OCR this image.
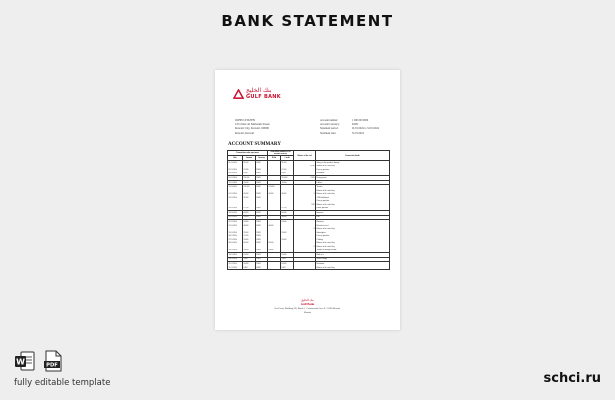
BANK STATEMENT
بنك الخليج
GULF BANK
JOHN CITIZEN
123 Jaber Al Mubarak Street,
Kuwait City, Kuwait, 00000
Kuwait, Kuwait
Account number:	1 000 000 0000
Account Currency:	KWD
Statement period:	01/01/2024 to 31/01/2024
Statement date:	31/01/2024
ACCOUNT SUMMARY
Transaction, value agreement			Transaction amount in the account currency		Balance at the end	Transaction details
Date	Amount	Currency	Debit	Credit		
01.01.2024	95.500	KWD		95.500		Salary for the month of January
					12,345	Balance at the end of day
03.01.2024	12.000	KWD		12.000		Grocery purchase
03.01.2024	8.500	KWD		8.500		Restaurant
05.01.2024	250.000	KWD		250.000	9.500	Rent payment
07.01.2024	35.000	KWD		35.000		Utilities
10.01.2024	120.000	KWD	120.000			Transfer
						Balance at the end of day
12.01.2024	45.000	KWD	45.000	45.000	0	Balance at the end of day
14.01.2024	22.500	KWD				ATM withdrawal
						Grocery purchase
					9.90	Balance at the end of day
16.01.2024	15.750	KWD		15.750		Online purchase
18.01.2024	60.000	KWD		60.000		Insurance
20.01.2024	30.000	KWD		30.000		Fuel
22.01.2024	18.000	KWD		18.000		Pharmacy
23.01.2024	40.000	KWD	40.000			Refund received
					8	Balance at the end of day
25.01.2024	25.000	KWD		25.000		Subscription
26.01.2024	12.500	KWD				Grocery purchase
27.01.2024	50.000	KWD		50.000		Clothing
28.01.2024	65.000	KWD	65.000			Balance at the end of day
					8	Balance at the end of day
29.01.2024	20.000	KWD	20.000			Transfer to savings account
30.01.2024	10.000	KWD		10.000		Bank fees
30.01.2024	5.000	KWD		5.000		Service charge
31.01.2024	14.000	KWD		14.000		Restaurant
31.01.2024	8.000	KWD		8.000		Balance at the end of day
بنك الخليج
Gulf Bank
Sea Front, Building 2B, Block 1, Commercial Area 9, 13149 Kuwait,
Kuwait
W	PDF
fully editable template	schci.ru
